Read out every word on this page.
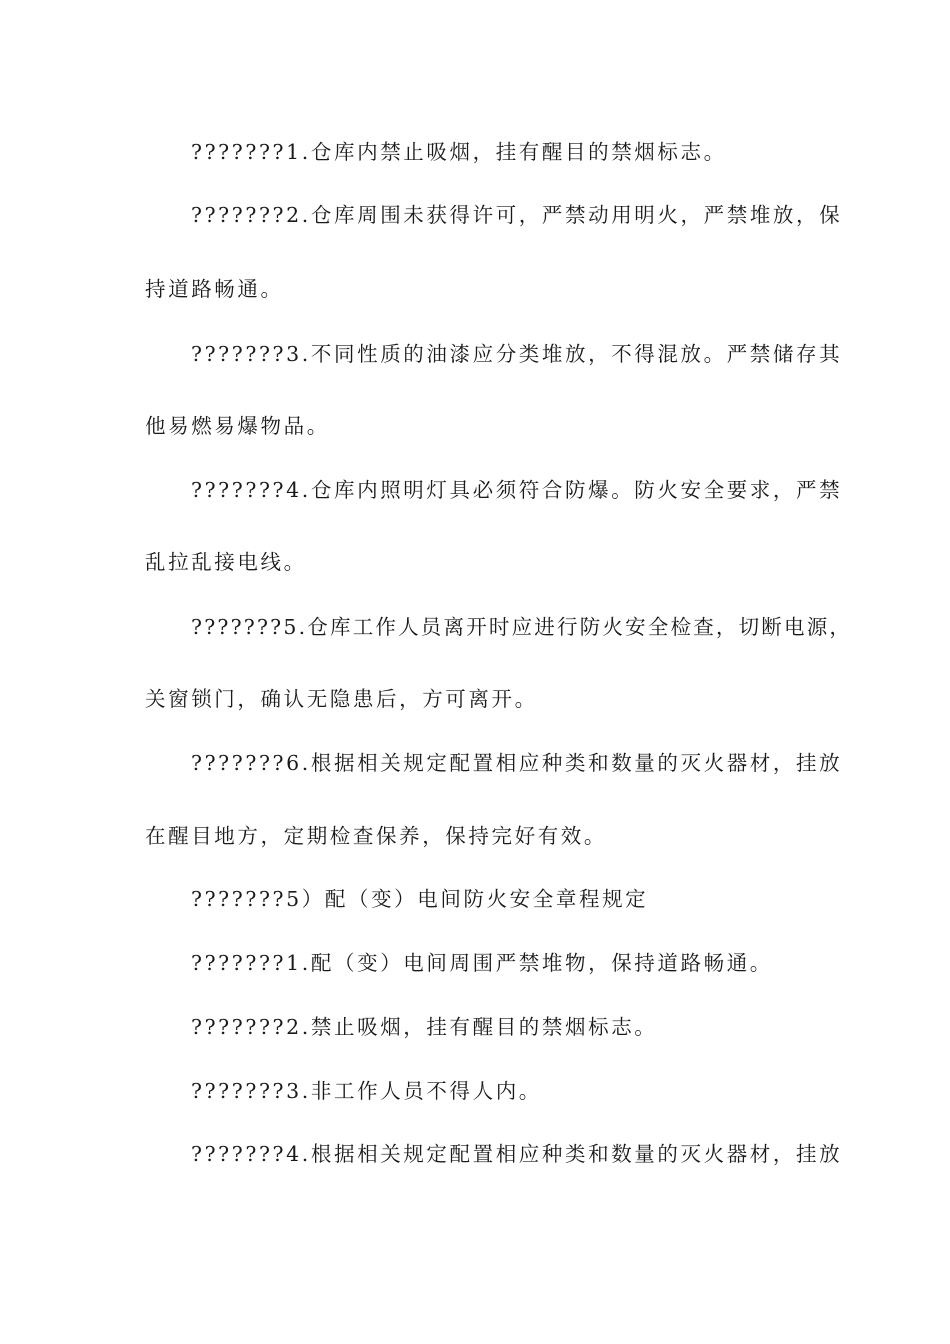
???????1.仓库内禁止吸烟，挂有醒目的禁烟标志。

???????2.仓库周围未获得许可，严禁动用明火，严禁堆放，保

持道路畅通。

???????3.不同性质的油漆应分类堆放，不得混放。严禁储存其

他易燃易爆物品。

???????4.仓库内照明灯具必须符合防爆。防火安全要求，严禁

乱拉乱接电线。

???????5.仓库工作人员离开时应进行防火安全检查，切断电源，

关窗锁门，确认无隐患后，方可离开。

???????6.根据相关规定配置相应种类和数量的灭火器材，挂放

在醒目地方，定期检查保养，保持完好有效。

???????5）配（变）电间防火安全章程规定

???????1.配（变）电间周围严禁堆物，保持道路畅通。

???????2.禁止吸烟，挂有醒目的禁烟标志。

???????3.非工作人员不得人内。

???????4.根据相关规定配置相应种类和数量的灭火器材，挂放
